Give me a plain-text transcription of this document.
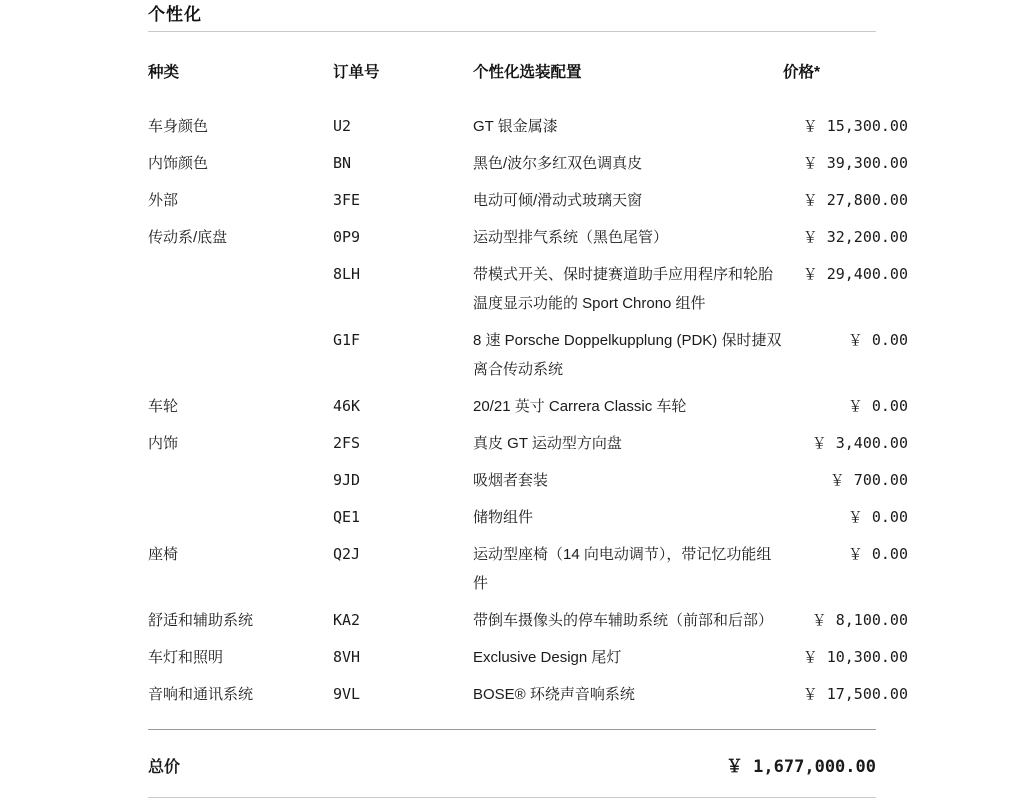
个性化
种类	订单号	个性化选装配置	价格*
车身颜色	U2	GT 银金属漆	￥ 15,300.00
内饰颜色	BN	黑色/波尔多红双色调真皮	￥ 39,300.00
外部	3FE	电动可倾/滑动式玻璃天窗	￥ 27,800.00
传动系/底盘	0P9	运动型排气系统（黑色尾管）	￥ 32,200.00
	8LH	带模式开关、保时捷赛道助手应用程序和轮胎温度显示功能的 Sport Chrono 组件	￥ 29,400.00
	G1F	8 速 Porsche Doppelkupplung (PDK) 保时捷双离合传动系统	￥ 0.00
车轮	46K	20/21 英寸 Carrera Classic 车轮	￥ 0.00
内饰	2FS	真皮 GT 运动型方向盘	￥ 3,400.00
	9JD	吸烟者套装	￥ 700.00
	QE1	储物组件	￥ 0.00
座椅	Q2J	运动型座椅（14 向电动调节），带记忆功能组件	￥ 0.00
舒适和辅助系统	KA2	带倒车摄像头的停车辅助系统（前部和后部）	￥ 8,100.00
车灯和照明	8VH	Exclusive Design 尾灯	￥ 10,300.00
音响和通讯系统	9VL	BOSE® 环绕声音响系统	￥ 17,500.00
总价	￥ 1,677,000.00
